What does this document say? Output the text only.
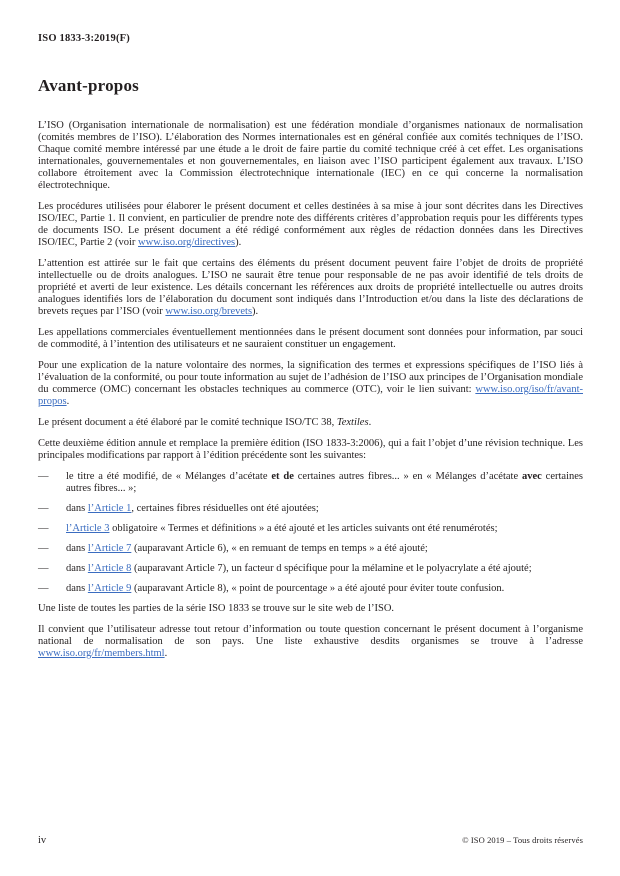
ISO 1833-3:2019(F)
Avant-propos

L’ISO (Organisation internationale de normalisation) est une fédération mondiale d’organismes nationaux de normalisation (comités membres de l’ISO). L’élaboration des Normes internationales est en général confiée aux comités techniques de l’ISO. Chaque comité membre intéressé par une étude a le droit de faire partie du comité technique créé à cet effet. Les organisations internationales, gouvernementales et non gouvernementales, en liaison avec l’ISO participent également aux travaux. L’ISO collabore étroitement avec la Commission électrotechnique internationale (IEC) en ce qui concerne la normalisation électrotechnique.

Les procédures utilisées pour élaborer le présent document et celles destinées à sa mise à jour sont décrites dans les Directives ISO/IEC, Partie 1. Il convient, en particulier de prendre note des différents critères d’approbation requis pour les différents types de documents ISO. Le présent document a été rédigé conformément aux règles de rédaction données dans les Directives ISO/IEC, Partie 2 (voir www.iso.org/directives).

L’attention est attirée sur le fait que certains des éléments du présent document peuvent faire l’objet de droits de propriété intellectuelle ou de droits analogues. L’ISO ne saurait être tenue pour responsable de ne pas avoir identifié de tels droits de propriété et averti de leur existence. Les détails concernant les références aux droits de propriété intellectuelle ou autres droits analogues identifiés lors de l’élaboration du document sont indiqués dans l’Introduction et/ou dans la liste des déclarations de brevets reçues par l’ISO (voir www.iso.org/brevets).

Les appellations commerciales éventuellement mentionnées dans le présent document sont données pour information, par souci de commodité, à l’intention des utilisateurs et ne sauraient constituer un engagement.

Pour une explication de la nature volontaire des normes, la signification des termes et expressions spécifiques de l’ISO liés à l’évaluation de la conformité, ou pour toute information au sujet de l’adhésion de l’ISO aux principes de l’Organisation mondiale du commerce (OMC) concernant les obstacles techniques au commerce (OTC), voir le lien suivant: www.iso.org/iso/fr/avant-propos.

Le présent document a été élaboré par le comité technique ISO/TC 38, Textiles.

Cette deuxième édition annule et remplace la première édition (ISO 1833-3:2006), qui a fait l’objet d’une révision technique. Les principales modifications par rapport à l’édition précédente sont les suivantes:

— le titre a été modifié, de « Mélanges d’acétate et de certaines autres fibres... » en « Mélanges d’acétate avec certaines autres fibres... »;
— dans l’Article 1, certaines fibres résiduelles ont été ajoutées;
— l’Article 3 obligatoire « Termes et définitions » a été ajouté et les articles suivants ont été renumérotés;
— dans l’Article 7 (auparavant Article 6), « en remuant de temps en temps » a été ajouté;
— dans l’Article 8 (auparavant Article 7), un facteur d spécifique pour la mélamine et le polyacrylate a été ajouté;
— dans l’Article 9 (auparavant Article 8), « point de pourcentage » a été ajouté pour éviter toute confusion.

Une liste de toutes les parties de la série ISO 1833 se trouve sur le site web de l’ISO.

Il convient que l’utilisateur adresse tout retour d’information ou toute question concernant le présent document à l’organisme national de normalisation de son pays. Une liste exhaustive desdits organismes se trouve à l’adresse www.iso.org/fr/members.html.

iv	© ISO 2019 – Tous droits réservés
